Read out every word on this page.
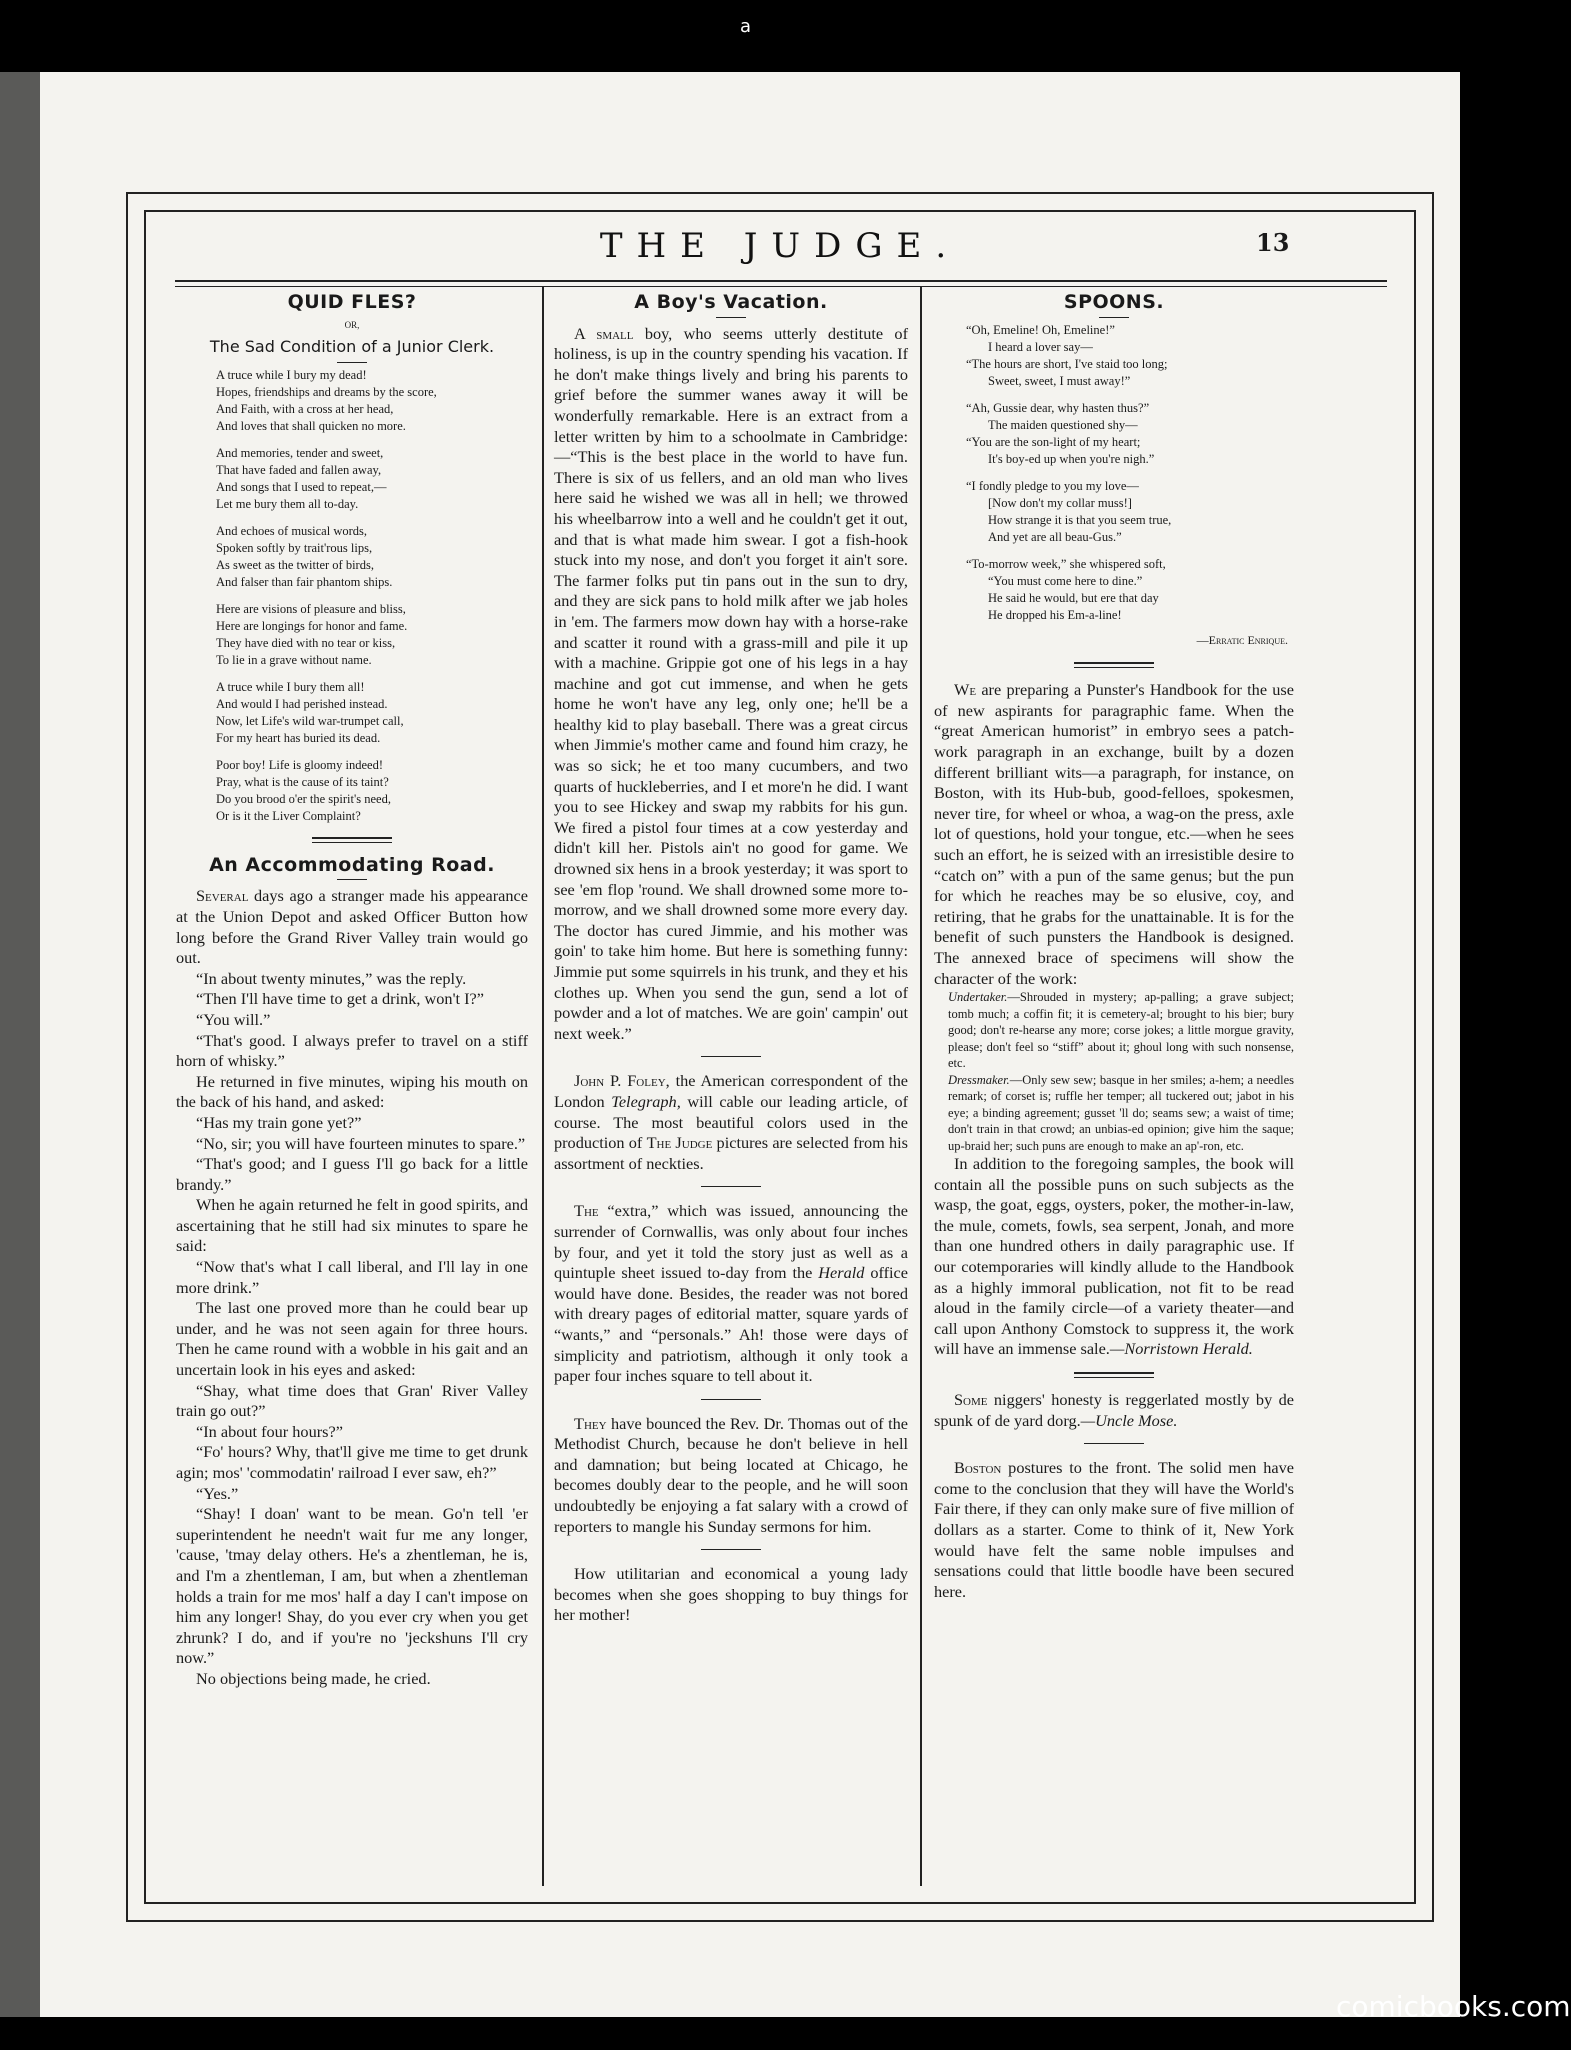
a
THE JUDGE.	13
QUID FLES?
OR,
The Sad Condition of a Junior Clerk.
A truce while I bury my dead!
Hopes, friendships and dreams by the score,
And Faith, with a cross at her head,
And loves that shall quicken no more.
And memories, tender and sweet,
That have faded and fallen away,
And songs that I used to repeat,—
Let me bury them all to-day.
And echoes of musical words,
Spoken softly by trait'rous lips,
As sweet as the twitter of birds,
And falser than fair phantom ships.
Here are visions of pleasure and bliss,
Here are longings for honor and fame.
They have died with no tear or kiss,
To lie in a grave without name.
A truce while I bury them all!
And would I had perished instead.
Now, let Life's wild war-trumpet call,
For my heart has buried its dead.
Poor boy! Life is gloomy indeed!
Pray, what is the cause of its taint?
Do you brood o'er the spirit's need,
Or is it the Liver Complaint?
An Accommodating Road.

Several days ago a stranger made his appearance at the Union Depot and asked Officer Button how long before the Grand River Valley train would go out.

“In about twenty minutes,” was the reply.

“Then I'll have time to get a drink, won't I?”

“You will.”

“That's good. I always prefer to travel on a stiff horn of whisky.”

He returned in five minutes, wiping his mouth on the back of his hand, and asked:

“Has my train gone yet?”

“No, sir; you will have fourteen minutes to spare.”

“That's good; and I guess I'll go back for a little brandy.”

When he again returned he felt in good spirits, and ascertaining that he still had six minutes to spare he said:

“Now that's what I call liberal, and I'll lay in one more drink.”

The last one proved more than he could bear up under, and he was not seen again for three hours. Then he came round with a wobble in his gait and an uncertain look in his eyes and asked:

“Shay, what time does that Gran' River Valley train go out?”

“In about four hours?”

“Fo' hours? Why, that'll give me time to get drunk agin; mos' 'commodatin' railroad I ever saw, eh?”

“Yes.”

“Shay! I doan' want to be mean. Go'n tell 'er superintendent he needn't wait fur me any longer, 'cause, 'tmay delay others. He's a zhentleman, he is, and I'm a zhentleman, I am, but when a zhentleman holds a train for me mos' half a day I can't impose on him any longer! Shay, do you ever cry when you get zhrunk? I do, and if you're no 'jeckshuns I'll cry now.”

No objections being made, he cried.

A Boy's Vacation.

A small boy, who seems utterly destitute of holiness, is up in the country spending his vacation. If he don't make things lively and bring his parents to grief before the summer wanes away it will be wonderfully remarkable. Here is an extract from a letter written by him to a schoolmate in Cambridge:—“This is the best place in the world to have fun. There is six of us fellers, and an old man who lives here said he wished we was all in hell; we throwed his wheelbarrow into a well and he couldn't get it out, and that is what made him swear. I got a fish-hook stuck into my nose, and don't you forget it ain't sore. The farmer folks put tin pans out in the sun to dry, and they are sick pans to hold milk after we jab holes in 'em. The farmers mow down hay with a horse-rake and scatter it round with a grass-mill and pile it up with a machine. Grippie got one of his legs in a hay machine and got cut immense, and when he gets home he won't have any leg, only one; he'll be a healthy kid to play baseball. There was a great circus when Jimmie's mother came and found him crazy, he was so sick; he et too many cucumbers, and two quarts of huckleberries, and I et more'n he did. I want you to see Hickey and swap my rabbits for his gun. We fired a pistol four times at a cow yesterday and didn't kill her. Pistols ain't no good for game. We drowned six hens in a brook yesterday; it was sport to see 'em flop 'round. We shall drowned some more to-morrow, and we shall drowned some more every day. The doctor has cured Jimmie, and his mother was goin' to take him home. But here is something funny: Jimmie put some squirrels in his trunk, and they et his clothes up. When you send the gun, send a lot of powder and a lot of matches. We are goin' campin' out next week.”

John P. Foley, the American correspondent of the London Telegraph, will cable our leading article, of course. The most beautiful colors used in the production of The Judge pictures are selected from his assortment of neckties.

The “extra,” which was issued, announcing the surrender of Cornwallis, was only about four inches by four, and yet it told the story just as well as a quintuple sheet issued to-day from the Herald office would have done. Besides, the reader was not bored with dreary pages of editorial matter, square yards of “wants,” and “personals.” Ah! those were days of simplicity and patriotism, although it only took a paper four inches square to tell about it.

They have bounced the Rev. Dr. Thomas out of the Methodist Church, because he don't believe in hell and damnation; but being located at Chicago, he becomes doubly dear to the people, and he will soon undoubtedly be enjoying a fat salary with a crowd of reporters to mangle his Sunday sermons for him.

How utilitarian and economical a young lady becomes when she goes shopping to buy things for her mother!

SPOONS.
“Oh, Emeline! Oh, Emeline!”
I heard a lover say—
“The hours are short, I've staid too long;
Sweet, sweet, I must away!”
“Ah, Gussie dear, why hasten thus?”
The maiden questioned shy—
“You are the son-light of my heart;
It's boy-ed up when you're nigh.”
“I fondly pledge to you my love—
[Now don't my collar muss!]
How strange it is that you seem true,
And yet are all beau-Gus.”
“To-morrow week,” she whispered soft,
“You must come here to dine.”
He said he would, but ere that day
He dropped his Em-a-line!
—Erratic Enrique.

We are preparing a Punster's Handbook for the use of new aspirants for paragraphic fame. When the “great American humorist” in embryo sees a patch-work paragraph in an exchange, built by a dozen different brilliant wits—a paragraph, for instance, on Boston, with its Hub-bub, good-felloes, spokesmen, never tire, for wheel or whoa, a wag-on the press, axle lot of questions, hold your tongue, etc.—when he sees such an effort, he is seized with an irresistible desire to “catch on” with a pun of the same genus; but the pun for which he reaches may be so elusive, coy, and retiring, that he grabs for the unattainable. It is for the benefit of such punsters the Handbook is designed. The annexed brace of specimens will show the character of the work:

Undertaker.—Shrouded in mystery; ap-palling; a grave subject; tomb much; a coffin fit; it is cemetery-al; brought to his bier; bury good; don't re-hearse any more; corse jokes; a little morgue gravity, please; don't feel so “stiff” about it; ghoul long with such nonsense, etc.

Dressmaker.—Only sew sew; basque in her smiles; a-hem; a needles remark; of corset is; ruffle her temper; all tuckered out; jabot in his eye; a binding agreement; gusset 'll do; seams sew; a waist of time; don't train in that crowd; an unbias-ed opinion; give him the saque; up-braid her; such puns are enough to make an ap'-ron, etc.

In addition to the foregoing samples, the book will contain all the possible puns on such subjects as the wasp, the goat, eggs, oysters, poker, the mother-in-law, the mule, comets, fowls, sea serpent, Jonah, and more than one hundred others in daily paragraphic use. If our cotemporaries will kindly allude to the Handbook as a highly immoral publication, not fit to be read aloud in the family circle—of a variety theater—and call upon Anthony Comstock to suppress it, the work will have an immense sale.—Norristown Herald.

Some niggers' honesty is reggerlated mostly by de spunk of de yard dorg.—Uncle Mose.

Boston postures to the front. The solid men have come to the conclusion that they will have the World's Fair there, if they can only make sure of five million of dollars as a starter. Come to think of it, New York would have felt the same noble impulses and sensations could that little boodle have been secured here.

comicbooks.com
